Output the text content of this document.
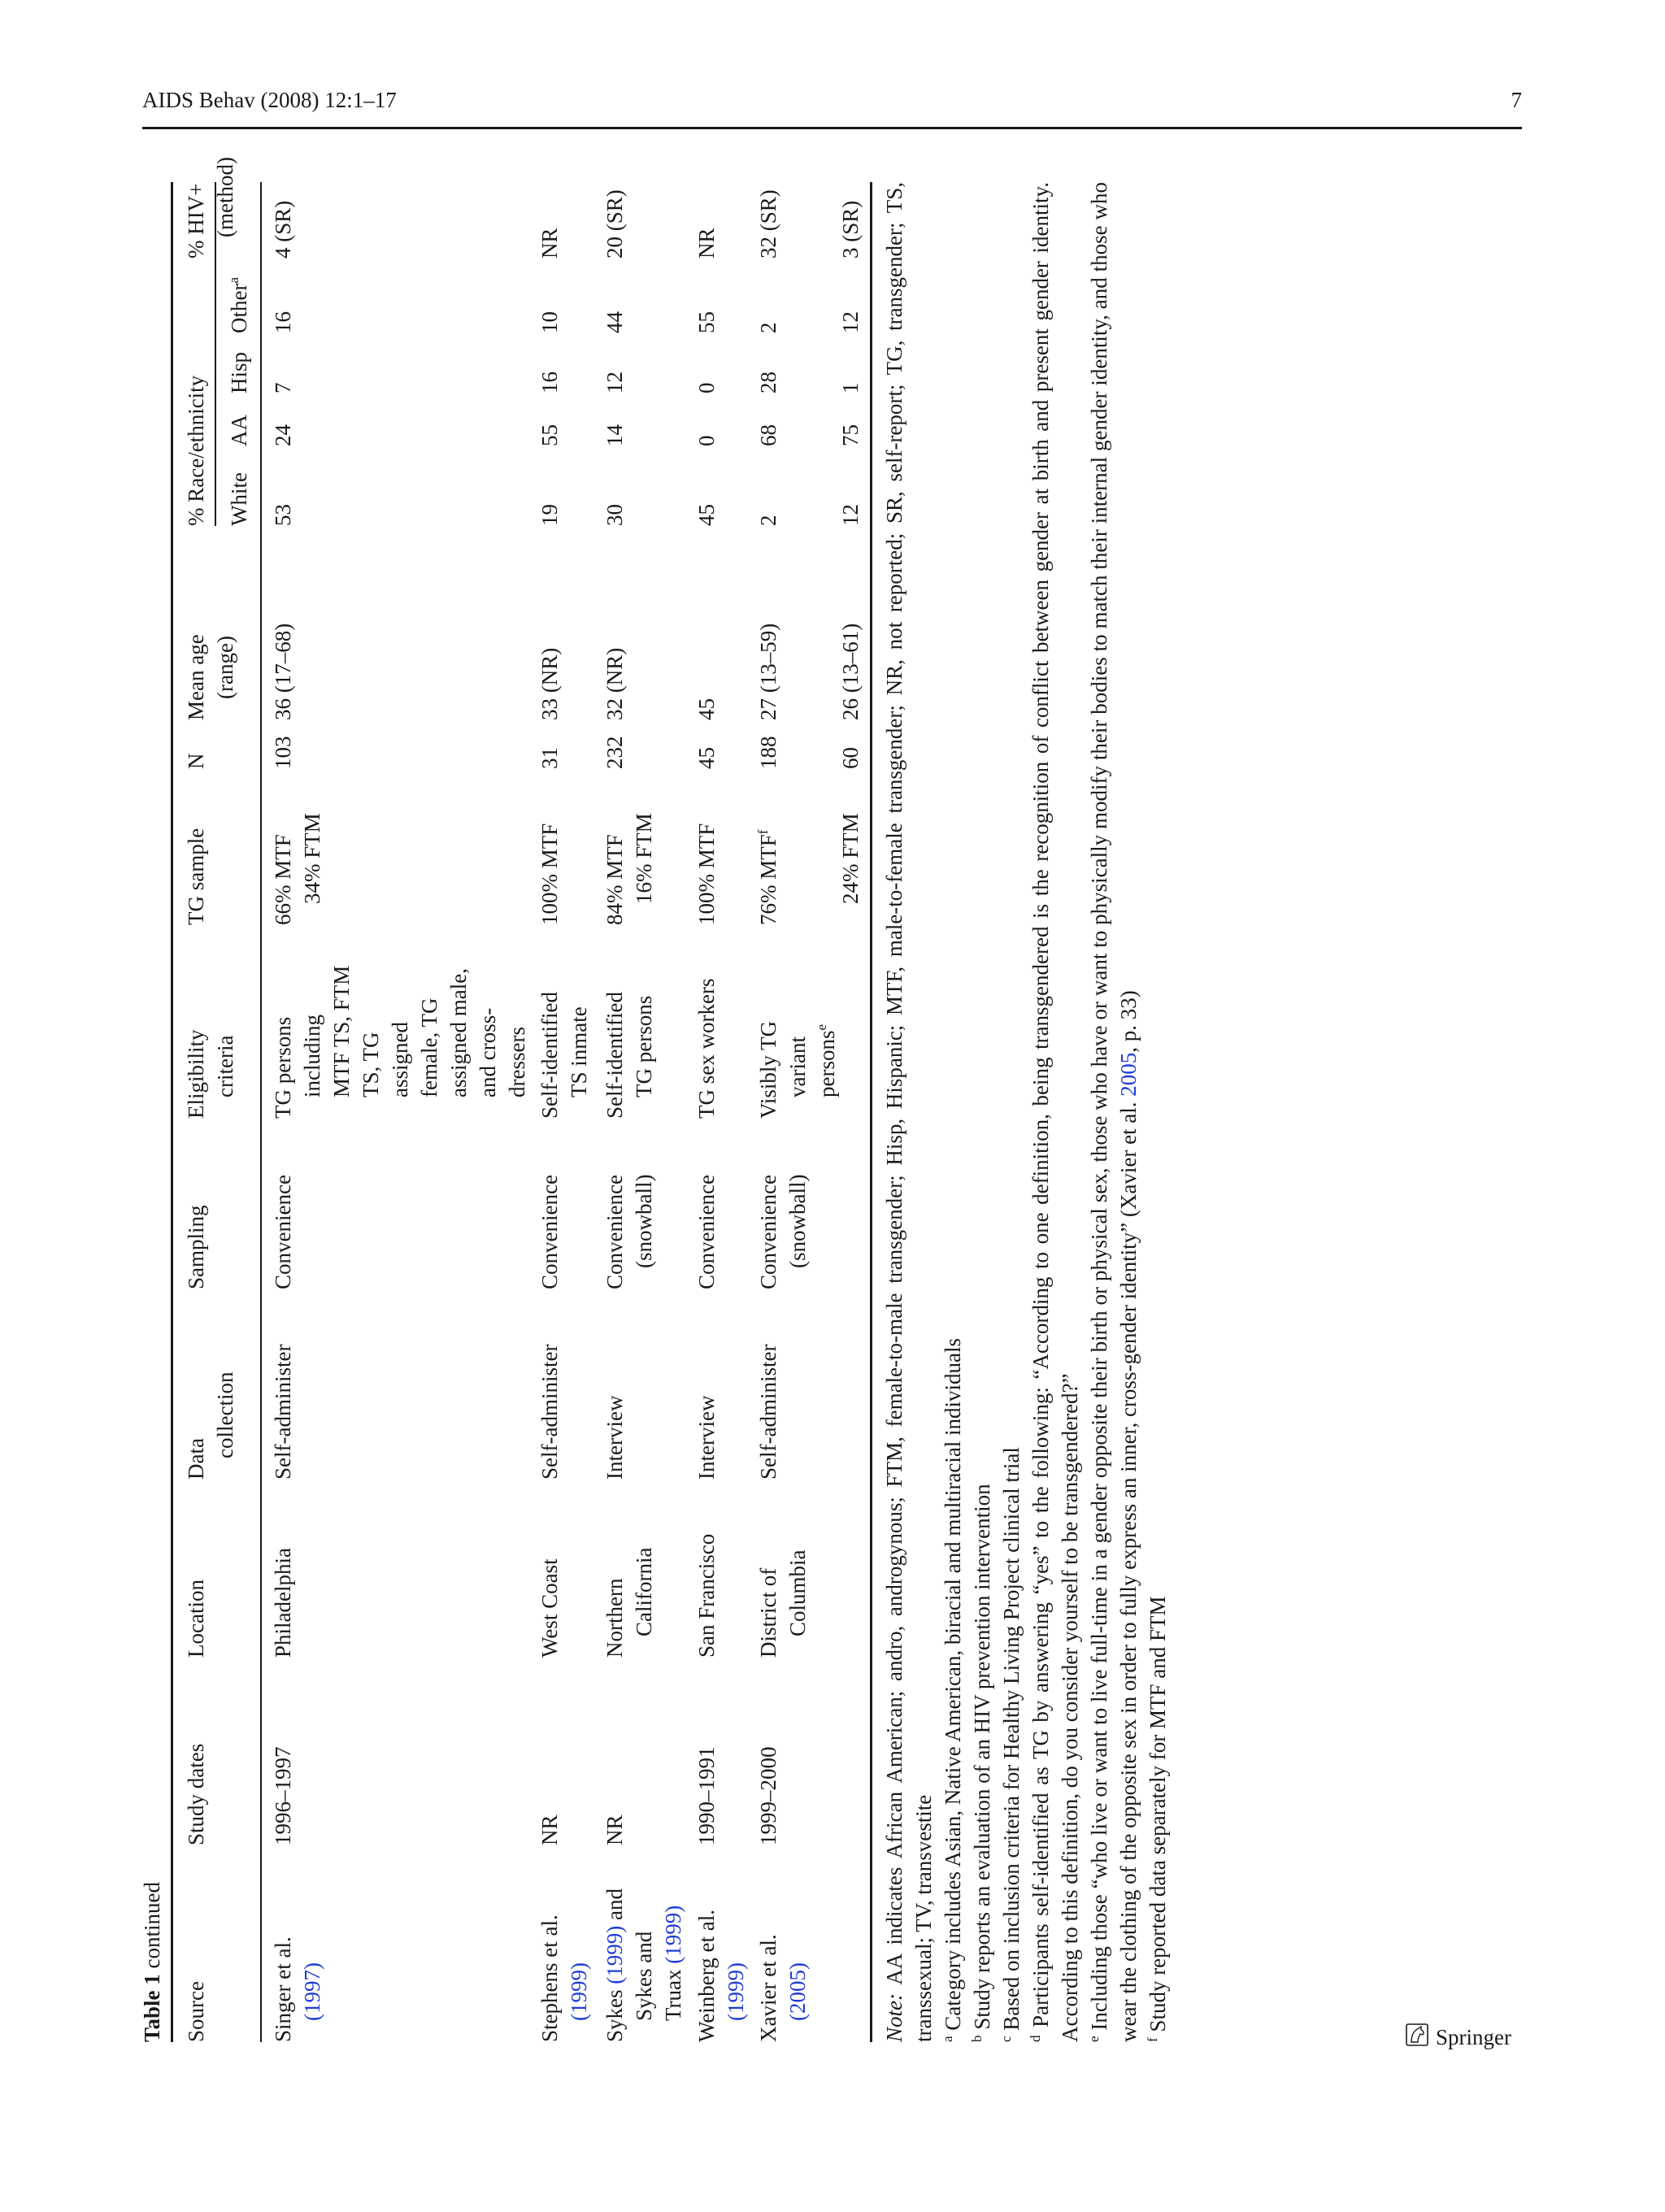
AIDS Behav (2008) 12:1–17	7
Table 1 continued
Source
Study dates
Location
Data
collection
Sampling
Eligibility criteria
TG sample
N
Mean age (range)
% Race/ethnicity White
AA
Hisp
Other$^a$
% HIV+ (method)
Singer et al. (1997)
1996–1997
Philadelphia
Self-administer
Convenience
TG persons including MTF TS, FTM TS, TG assigned female, TG assigned male, and cross- dressers
66% MTF 34% FTM
103
36 (17–68)
53
24
7
16
4 (SR)
Stephens et al. (1999)
NR
West Coast
Self-administer
Convenience
Self-identified TS inmate
100% MTF
31
33 (NR)
19
55
16
10
NR
Sykes (1999) and
Sykes and Truax (1999)
NR
Northern California
Interview
Convenience (snowball)
Self-identified TG persons
84% MTF 16% FTM
232
32 (NR)
30
14
12
44
20 (SR)
Weinberg et al. (1999)
1990–1991
San Francisco
Interview
Convenience
TG sex workers
100% MTF
45
45
45
0
0
55
NR
Xavier et al. (2005)
1999–2000
District of Columbia
Self-administer
Convenience (snowball)
Visibly TG variant persons$^e$
76% MTF$^f$
188
27 (13–59)
2
68
28
2
32 (SR)
24% FTM
60
26 (13–61)
12
75
1
12
3 (SR)

Note: AA indicates African American; andro, androgynous; FTM, female-to-male transgender; Hisp, Hispanic; MTF, male-to-female transgender; NR, not reported; SR, self-report; TG, transgender; TS, transsexual; TV, transvestite $^a$ Category includes Asian, Native American, biracial and multiracial individuals

$^b$ Study reports an evaluation of an HIV prevention intervention

$^c$ Based on inclusion criteria for Healthy Living Project clinical trial

$^d$ Participants self-identified as TG by answering “yes” to the following: “According to one definition, being transgendered is the recognition of conflict between gender at birth and present gender identity. According to this definition, do you consider yourself to be transgendered?” $^e$ Including those “who live or want to live full-time in a gender opposite their birth or physical sex, those who have or want to physically modify their bodies to match their internal gender identity, and those who wear the clothing of the opposite sex in order to fully express an inner, cross-gender identity” (Xavier et al. 2005, p. 33)

$^f$ Study reported data separately for MTF and FTM

Springer
